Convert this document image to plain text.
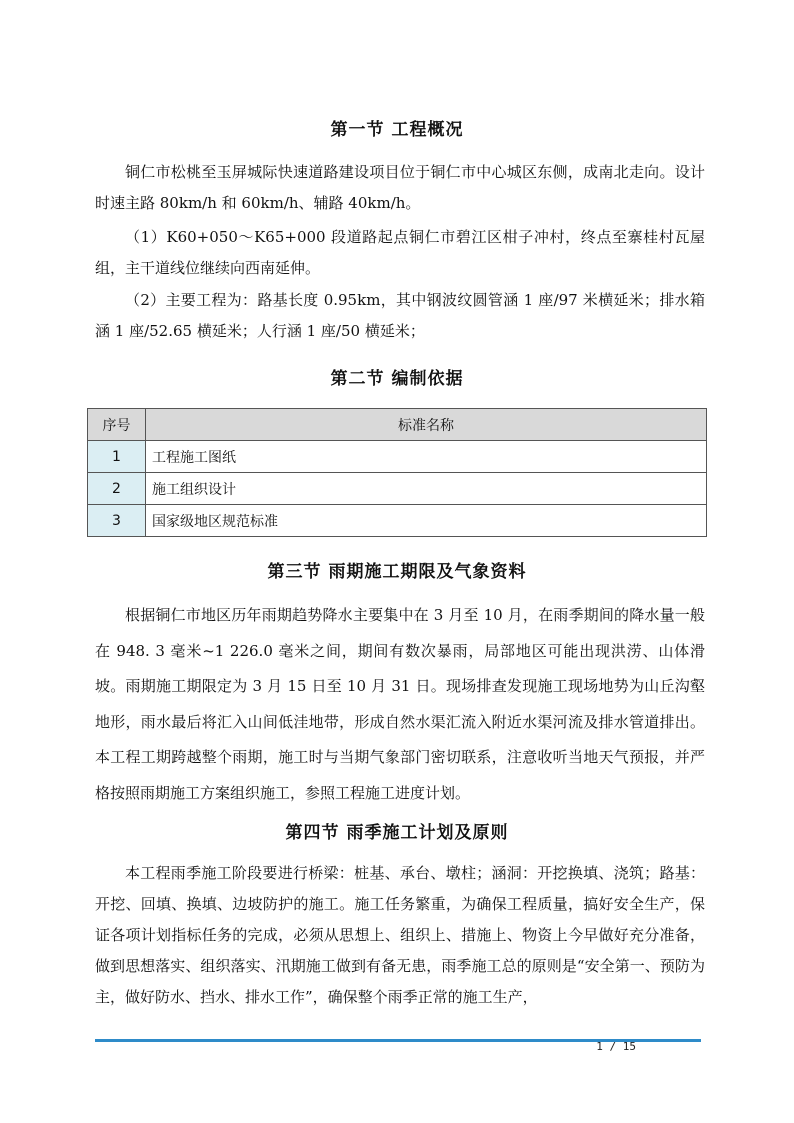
第一节 工程概况
铜仁市松桃至玉屏城际快速道路建设项目位于铜仁市中心城区东侧，成南北走向。设计时速主路 80km/h 和 60km/h、辅路 40km/h。
（1）K60+050～K65+000 段道路起点铜仁市碧江区柑子冲村，终点至寨桂村瓦屋组，主干道线位继续向西南延伸。
（2）主要工程为：路基长度 0.95km，其中钢波纹圆管涵 1 座/97 米横延米；排水箱涵 1 座/52.65 横延米；人行涵 1 座/50 横延米；
第二节 编制依据
序号	标准名称
1	工程施工图纸
2	施工组织设计
3	国家级地区规范标准
第三节 雨期施工期限及气象资料
根据铜仁市地区历年雨期趋势降水主要集中在 3 月至 10 月，在雨季期间的降水量一般在 948. 3 毫米~1 226.0 毫米之间，期间有数次暴雨，局部地区可能出现洪涝、山体滑坡。雨期施工期限定为 3 月 15 日至 10 月 31 日。现场排查发现施工现场地势为山丘沟壑地形，雨水最后将汇入山间低洼地带，形成自然水渠汇流入附近水渠河流及排水管道排出。本工程工期跨越整个雨期，施工时与当期气象部门密切联系，注意收听当地天气预报，并严格按照雨期施工方案组织施工，参照工程施工进度计划。
第四节 雨季施工计划及原则
本工程雨季施工阶段要进行桥梁：桩基、承台、墩柱；涵洞：开挖换填、浇筑；路基：开挖、回填、换填、边坡防护的施工。施工任务繁重，为确保工程质量，搞好安全生产，保证各项计划指标任务的完成，必须从思想上、组织上、措施上、物资上今早做好充分准备，做到思想落实、组织落实、汛期施工做到有备无患，雨季施工总的原则是“安全第一、预防为主，做好防水、挡水、排水工作”，确保整个雨季正常的施工生产，
1 / 15
